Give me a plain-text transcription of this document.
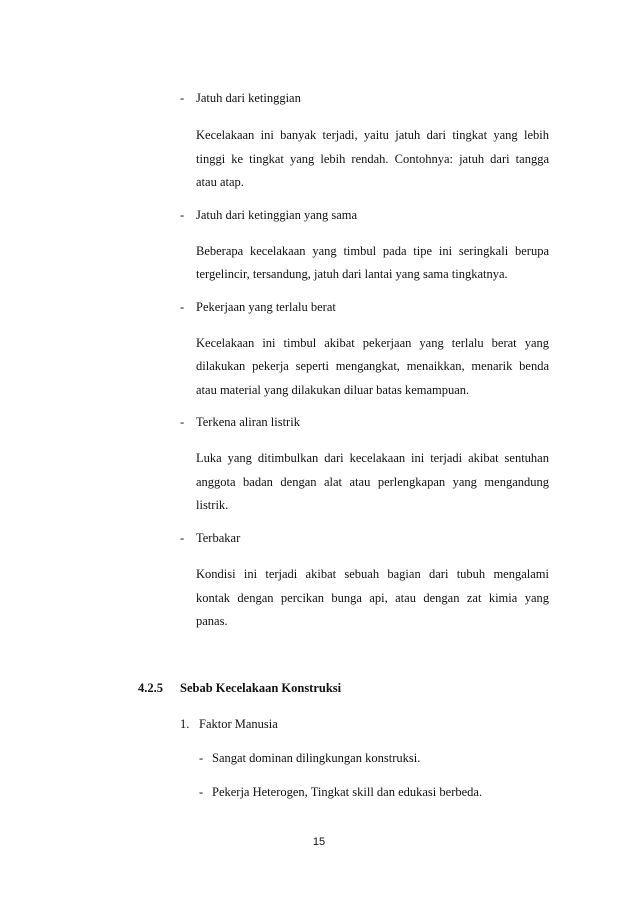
- Jatuh dari ketinggian
Kecelakaan ini banyak terjadi, yaitu jatuh dari tingkat yang lebih
tinggi ke tingkat yang lebih rendah. Contohnya: jatuh dari tangga
atau atap.
- Jatuh dari ketinggian yang sama
Beberapa kecelakaan yang timbul pada tipe ini seringkali berupa
tergelincir, tersandung, jatuh dari lantai yang sama tingkatnya.
- Pekerjaan yang terlalu berat
Kecelakaan ini timbul akibat pekerjaan yang terlalu berat yang
dilakukan pekerja seperti mengangkat, menaikkan, menarik benda
atau material yang dilakukan diluar batas kemampuan.
- Terkena aliran listrik
Luka yang ditimbulkan dari kecelakaan ini terjadi akibat sentuhan
anggota badan dengan alat atau perlengkapan yang mengandung
listrik.
- Terbakar
Kondisi ini terjadi akibat sebuah bagian dari tubuh mengalami
kontak dengan percikan bunga api, atau dengan zat kimia yang
panas.
4.2.5 Sebab Kecelakaan Konstruksi
1. Faktor Manusia
- Sangat dominan dilingkungan konstruksi.
- Pekerja Heterogen, Tingkat skill dan edukasi berbeda.
15
